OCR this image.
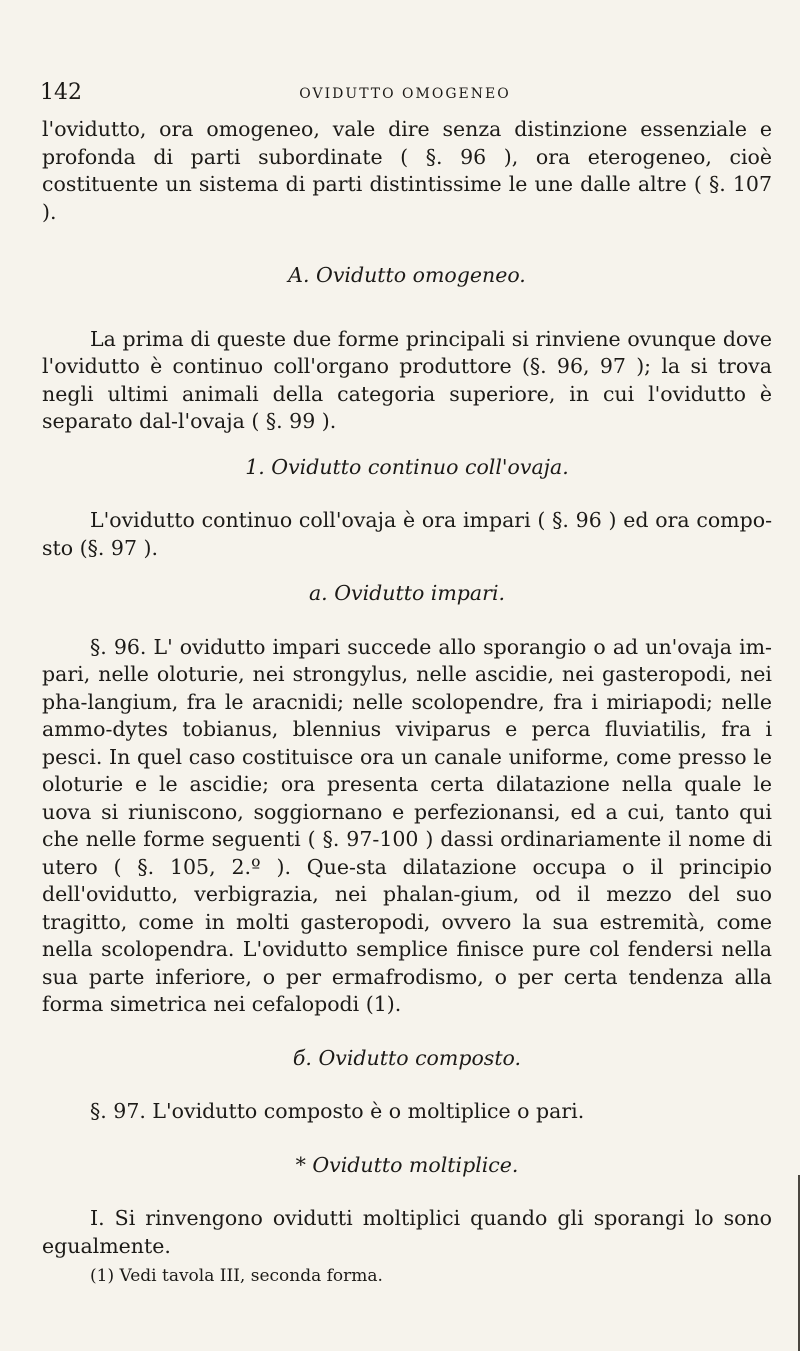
142	OVIDUTTO OMOGENEO

l'ovidutto, ora omogeneo, vale dire senza distinzione essenziale e profonda di parti subordinate ( §. 96 ), ora eterogeneo, cioè costituente un sistema di parti distintissime le une dalle altre ( §. 107 ).

A. Ovidutto omogeneo.

La prima di queste due forme principali si rinviene ovunque dove l'ovidutto è continuo coll'organo produttore (§. 96, 97 ); la si trova negli ultimi animali della categoria superiore, in cui l'ovidutto è separato dal-l'ovaja ( §. 99 ).

1. Ovidutto continuo coll'ovaja.

L'ovidutto continuo coll'ovaja è ora impari ( §. 96 ) ed ora compo-sto (§. 97 ).

a. Ovidutto impari.

§. 96. L' ovidutto impari succede allo sporangio o ad un'ovaja im-pari, nelle oloturie, nei strongylus, nelle ascidie, nei gasteropodi, nei pha-langium, fra le aracnidi; nelle scolopendre, fra i miriapodi; nelle ammo-dytes tobianus, blennius viviparus e perca fluviatilis, fra i pesci. In quel caso costituisce ora un canale uniforme, come presso le oloturie e le ascidie; ora presenta certa dilatazione nella quale le uova si riuniscono, soggiornano e perfezionansi, ed a cui, tanto qui che nelle forme seguenti ( §. 97-100 ) dassi ordinariamente il nome di utero ( §. 105, 2.º ). Que-sta dilatazione occupa o il principio dell'ovidutto, verbigrazia, nei phalan-gium, od il mezzo del suo tragitto, come in molti gasteropodi, ovvero la sua estremità, come nella scolopendra. L'ovidutto semplice finisce pure col fendersi nella sua parte inferiore, o per ermafrodismo, o per certa tendenza alla forma simetrica nei cefalopodi (1).

б. Ovidutto composto.

§. 97. L'ovidutto composto è o moltiplice o pari.

* Ovidutto moltiplice.

I. Si rinvengono ovidutti moltiplici quando gli sporangi lo sono egualmente.

(1) Vedi tavola III, seconda forma.
